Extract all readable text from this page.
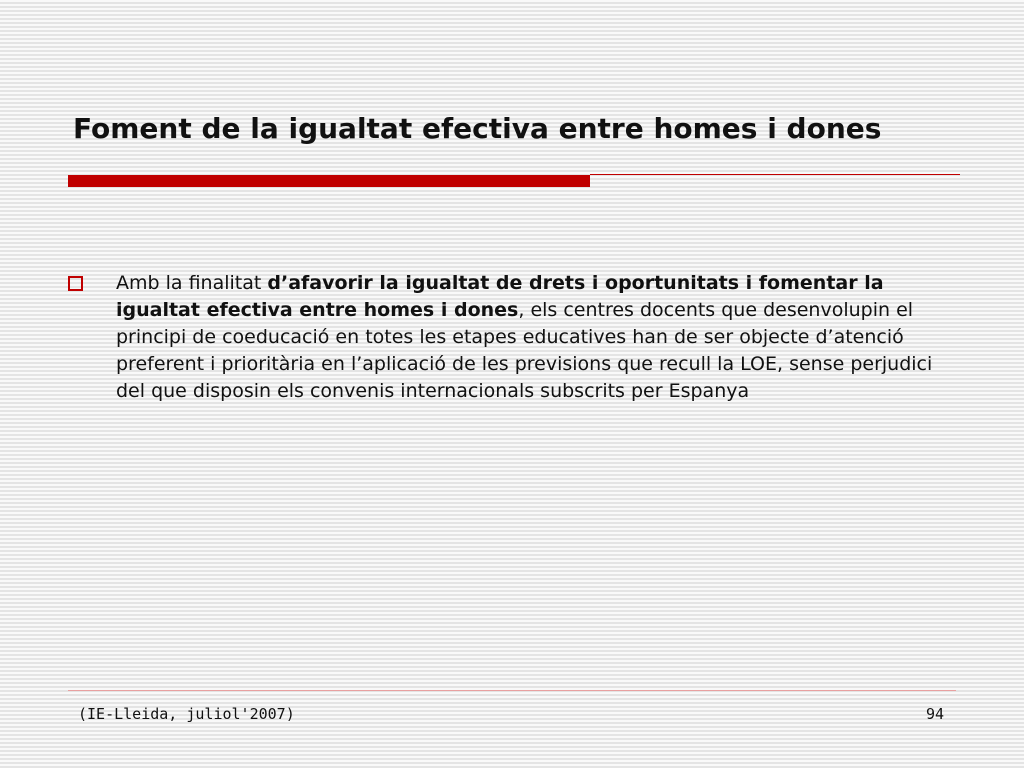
Foment de la igualtat efectiva entre homes i dones

Amb la finalitat d’afavorir la igualtat de drets i oportunitats i fomentar la igualtat efectiva entre homes i dones, els centres docents que desenvolupin el principi de coeducació en totes les etapes educatives han de ser objecte d’atenció preferent i prioritària en l’aplicació de les previsions que recull la LOE, sense perjudici del que disposin els convenis internacionals subscrits per Espanya

(IE-Lleida, juliol'2007)	94
